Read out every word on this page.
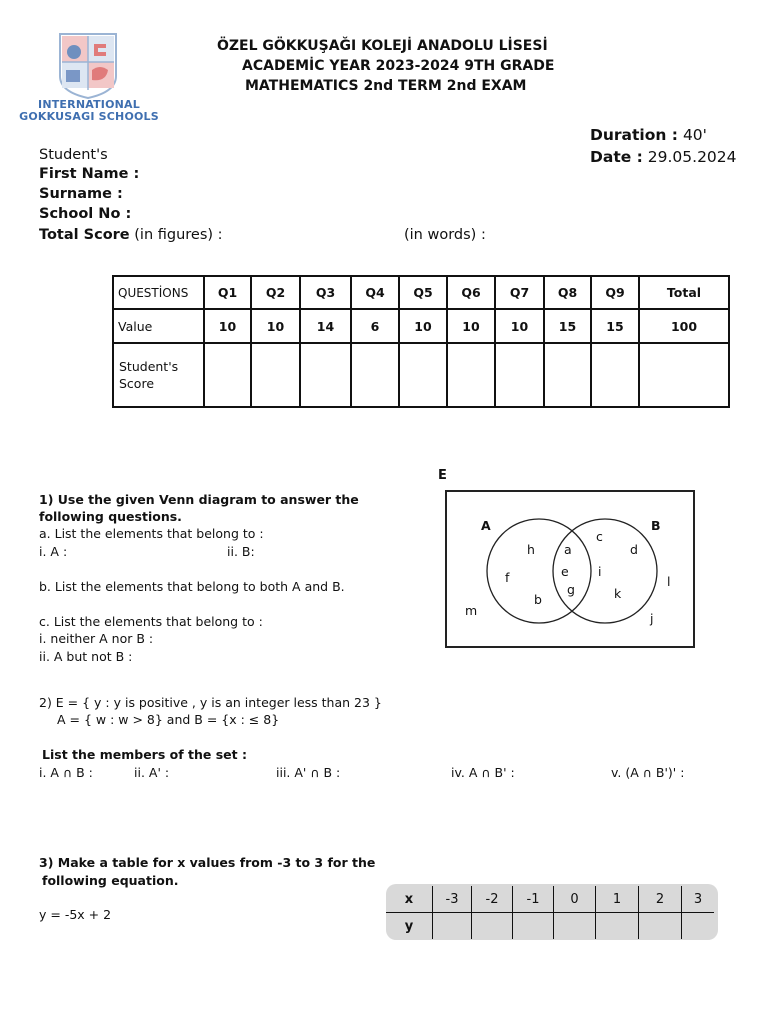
INTERNATIONAL
GOKKUSAGI SCHOOLS
ÖZEL GÖKKUŞAĞI KOLEJİ ANADOLU LİSESİ
ACADEMİC YEAR 2023-2024 9TH GRADE
MATHEMATICS 2nd TERM 2nd EXAM
Duration : 40'
Date : 29.05.2024
Student's
First Name :
Surname :
School No :
Total Score (in figures) :	(in words) :
QUESTİONS	Q1	Q2	Q3	Q4	Q5	Q6	Q7	Q8	Q9	Total
Value	10	10	14	6	10	10	10	15	15	100
Student's Score										
1) Use the given Venn diagram to answer the
following questions.
a. List the elements that belong to :
i. A :	ii. B:
b. List the elements that belong to both A and B.
c. List the elements that belong to :
i. neither A nor B :
ii. A but not B :
E
A	B
h a
c
d
e i
f
g	k
l
b
m
j
2) E = { y : y is positive , y is an integer less than 23 }
A = { w : w > 8} and B = {x : ≤ 8}
List the members of the set :
i. A ∩ B :	ii. A' :	iii. A' ∩ B :	iv. A ∩ B' :	v. (A ∩ B')' :
3) Make a table for x values from -3 to 3 for the
following equation.
y = -5x + 2
x	-3	-2	-1	0	1	2	3
y							
